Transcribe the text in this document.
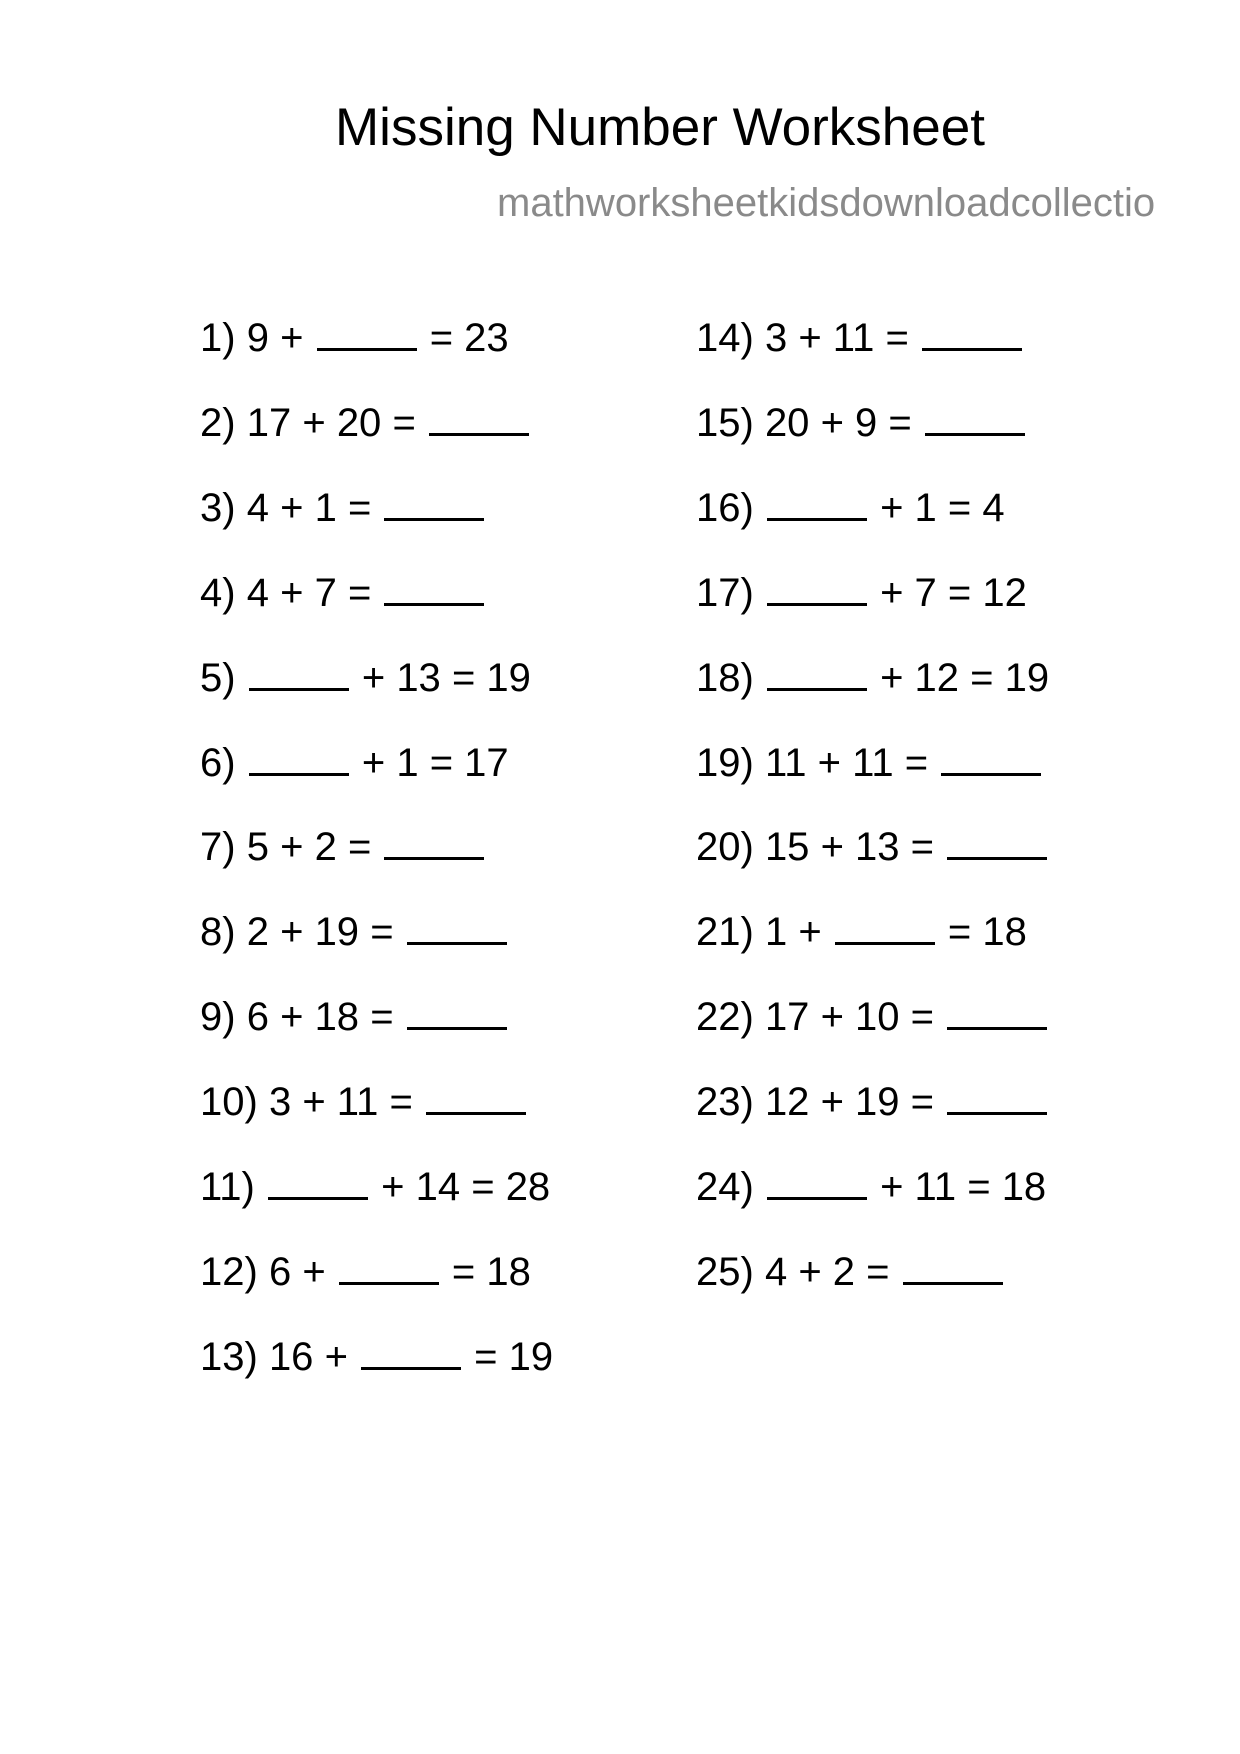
Missing Number Worksheet
mathworksheetkidsdownloadcollectio
1) 9 +	= 23
2) 17 + 20 =
3) 4 + 1 =
4) 4 + 7 =
5)	+ 13 = 19
6)	+ 1 = 17
7) 5 + 2 =
8) 2 + 19 =
9) 6 + 18 =
10) 3 + 11 =
11)	+ 14 = 28
12) 6 +	= 18
13) 16 +	= 19
14) 3 + 11 =
15) 20 + 9 =
16)	+ 1 = 4
17)	+ 7 = 12
18)	+ 12 = 19
19) 11 + 11 =
20) 15 + 13 =
21) 1 +	= 18
22) 17 + 10 =
23) 12 + 19 =
24)	+ 11 = 18
25) 4 + 2 =
